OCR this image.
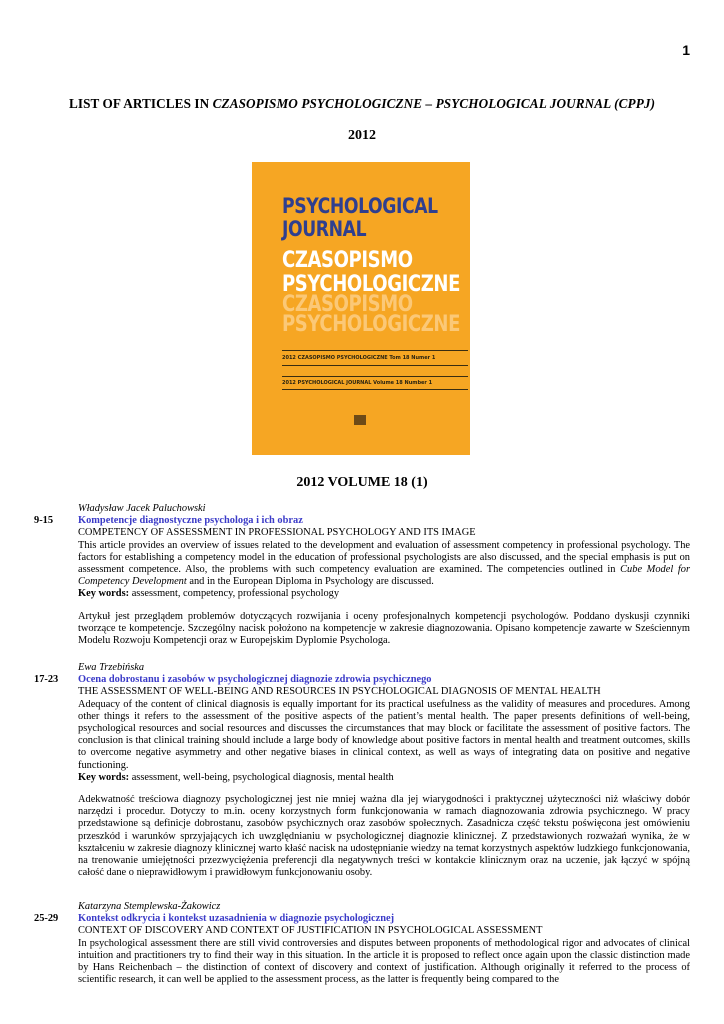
1
LIST OF ARTICLES IN CZASOPISMO PSYCHOLOGICZNE – PSYCHOLOGICAL JOURNAL (CPPJ)
2012
PSYCHOLOGICAL
JOURNAL
CZASOPISMO
PSYCHOLOGICZNE
CZASOPISMO
PSYCHOLOGICZNE
2012 CZASOPISMO PSYCHOLOGICZNE Tom 18 Numer 1
2012 PSYCHOLOGICAL JOURNAL Volume 18 Number 1
2012 VOLUME 18 (1)
Władysław Jacek Paluchowski
9-15 Kompetencje diagnostyczne psychologa i ich obraz
COMPETENCY OF ASSESSMENT IN PROFESSIONAL PSYCHOLOGY AND ITS IMAGE

This article provides an overview of issues related to the development and evaluation of assessment competency in professional psychology. The factors for establishing a competency model in the education of professional psychologists are also discussed, and the special emphasis is put on assessment competence. Also, the problems with such competency evaluation are examined. The competencies outlined in Cube Model for Competency Development and in the European Diploma in Psychology are discussed.

Key words: assessment, competency, professional psychology

Artykuł jest przeglądem problemów dotyczących rozwijania i oceny profesjonalnych kompetencji psychologów. Poddano dyskusji czynniki tworzące te kompetencje. Szczególny nacisk położono na kompetencje w zakresie diagnozowania. Opisano kompetencje zawarte w Sześciennym Modelu Rozwoju Kompetencji oraz w Europejskim Dyplomie Psychologa.

Ewa Trzebińska
17-23 Ocena dobrostanu i zasobów w psychologicznej diagnozie zdrowia psychicznego
THE ASSESSMENT OF WELL-BEING AND RESOURCES IN PSYCHOLOGICAL DIAGNOSIS OF MENTAL HEALTH

Adequacy of the content of clinical diagnosis is equally important for its practical usefulness as the validity of measures and procedures. Among other things it refers to the assessment of the positive aspects of the patient’s mental health. The paper presents definitions of well-being, psychological resources and social resources and discusses the circumstances that may block or facilitate the assessment of positive factors. The conclusion is that clinical training should include a large body of knowledge about positive factors in mental health and treatment outcomes, skills to overcome negative asymmetry and other negative biases in clinical context, as well as ways of integrating data on positive and negative functioning.

Key words: assessment, well-being, psychological diagnosis, mental health

Adekwatność treściowa diagnozy psychologicznej jest nie mniej ważna dla jej wiarygodności i praktycznej użyteczności niż właściwy dobór narzędzi i procedur. Dotyczy to m.in. oceny korzystnych form funkcjonowania w ramach diagnozowania zdrowia psychicznego. W pracy przedstawione są definicje dobrostanu, zasobów psychicznych oraz zasobów społecznych. Zasadnicza część tekstu poświęcona jest omówieniu przeszkód i warunków sprzyjających ich uwzględnianiu w psychologicznej diagnozie klinicznej. Z przedstawionych rozważań wynika, że w kształceniu w zakresie diagnozy klinicznej warto kłaść nacisk na udostępnianie wiedzy na temat korzystnych aspektów ludzkiego funkcjonowania, na trenowanie umiejętności przezwyciężenia preferencji dla negatywnych treści w kontakcie klinicznym oraz na uczenie, jak łączyć w spójną całość dane o nieprawidłowym i prawidłowym funkcjonowaniu osoby.

Katarzyna Stemplewska-Żakowicz
25-29 Kontekst odkrycia i kontekst uzasadnienia w diagnozie psychologicznej
CONTEXT OF DISCOVERY AND CONTEXT OF JUSTIFICATION IN PSYCHOLOGICAL ASSESSMENT

In psychological assessment there are still vivid controversies and disputes between proponents of methodological rigor and advocates of clinical intuition and practitioners try to find their way in this situation. In the article it is proposed to reflect once again upon the classic distinction made by Hans Reichenbach – the distinction of context of discovery and context of justification. Although originally it referred to the process of scientific research, it can well be applied to the assessment process, as the latter is frequently being compared to the
